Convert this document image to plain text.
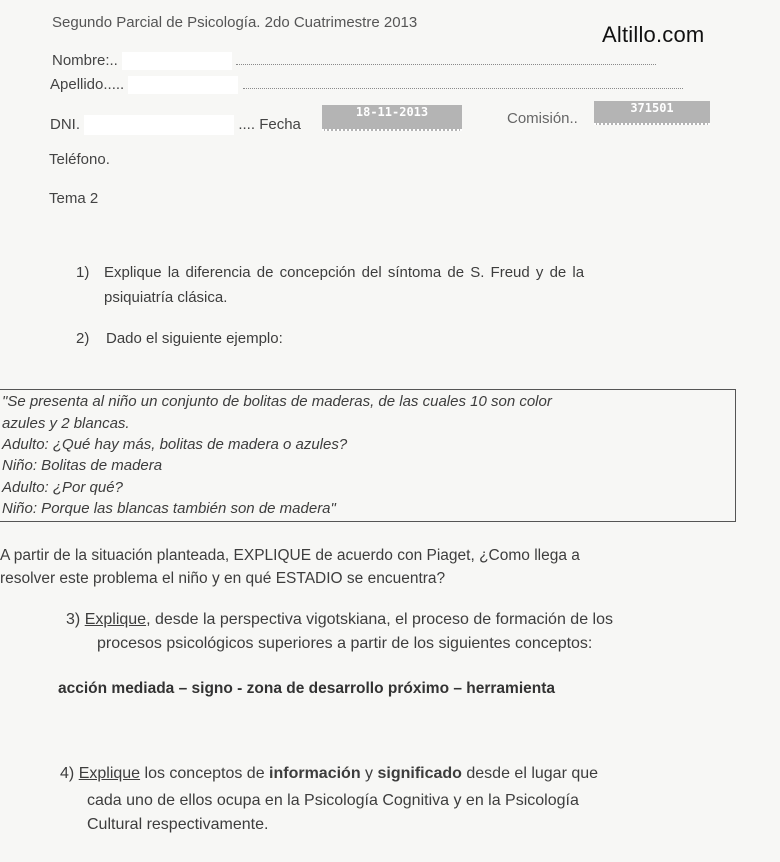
Segundo Parcial de Psicología. 2do Cuatrimestre 2013	Altillo.com
Nombre:..
Apellido.....
DNI.	.... Fecha
18-11-2013	Comisión..
371501
Teléfono.
Tema 2
1) Explique la diferencia de concepción del síntoma de S. Freud y de la
psiquiatría clásica.
2) Dado el siguiente ejemplo:
"Se presenta al niño un conjunto de bolitas de maderas, de las cuales 10 son color
azules y 2 blancas.
Adulto: ¿Qué hay más, bolitas de madera o azules?
Niño: Bolitas de madera
Adulto: ¿Por qué?
Niño: Porque las blancas también son de madera"
A partir de la situación planteada, EXPLIQUE de acuerdo con Piaget, ¿Como llega a
resolver este problema el niño y en qué ESTADIO se encuentra?
3) Explique, desde la perspectiva vigotskiana, el proceso de formación de los
procesos psicológicos superiores a partir de los siguientes conceptos:
acción mediada – signo - zona de desarrollo próximo – herramienta
4) Explique los conceptos de información y significado desde el lugar que
cada uno de ellos ocupa en la Psicología Cognitiva y en la Psicología
Cultural respectivamente.
